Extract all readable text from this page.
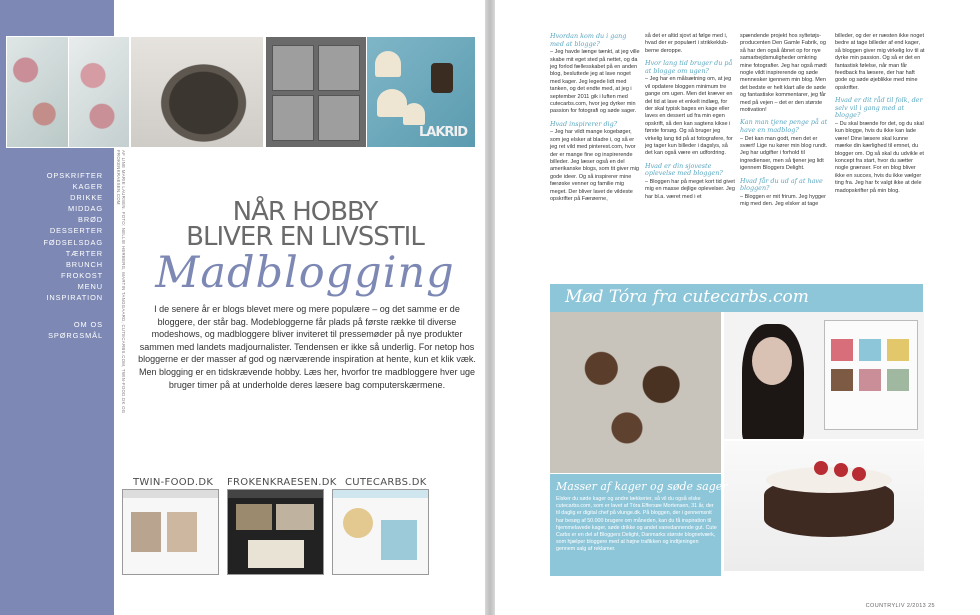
LAKRID
OPSKRIFTER
KAGER
DRIKKE
MIDDAG
BRØD
DESSERTER
FØDSELSDAG
TÆRTER
BRUNCH
FROKOST
MENU
INSPIRATION
OM OS
SPØRGSMÅL	AF LINE MARIE LAURSEN. FOTO: NELLIE HERBERG, MARTIN TANGGAARD, CUTECARBS.COM, TWIN-FOOD.DK OG FROKENKRAESEN.COM
NÅR HOBBY
BLIVER EN LIVSSTIL
Madblogging
I de senere år er blogs blevet mere og mere populære – og det samme er de bloggere, der står bag. Modebloggerne får plads på første række til diverse modeshows, og madbloggere bliver inviteret til pressemøder på nye produkter sammen med landets madjournalister. Tendensen er ikke så underlig. For netop hos bloggerne er der masser af god og nærværende inspiration at hente, kun et klik væk. Men blogging er en tidskrævende hobby. Læs her, hvorfor tre madbloggere hver uge bruger timer på at underholde deres læsere bag computerskærmene.
TWIN-FOOD.DK FROKENKRAESEN.DK CUTECARBS.DK

Hvordan kom du i gang med at blogge?
– Jeg havde længe tænkt, at jeg ville skabe mit eget sted på nettet, og da jeg forlod fællesskabet på en anden blog, besluttede jeg at lave noget med kager. Jeg legede lidt med tanken, og det endte med, at jeg i september 2011 gik i luften med cutecarbs.com, hvor jeg dyrker min passion for fotografi og søde sager.

Hvad inspirerer dig?
– Jeg har vildt mange kogebøger, som jeg elsker at bladre i, og så er jeg ret vild med pinterest.com, hvor der er mange fine og inspirerende billeder. Jeg læser også en del amerikanske blogs, som tit giver mig gode ideer. Og så inspirerer mine færøske venner og familie mig meget. Der bliver lavet de vildeste opskrifter på Færøerne,

så det er altid sjovt at følge med i, hvad der er populært i strikkeklub-berne deroppe.

Hvor lang tid bruger du på at blogge om ugen?
– Jeg har en målsætning om, at jeg vil opdatere bloggen minimum tre gange om ugen. Men det kræver en del tid at lave et enkelt indlæg, for der skal typisk bages en kage eller laves en dessert ud fra min egen opskrift, så den kan sagtens kikse i første forsøg. Og så bruger jeg virkelig lang tid på at fotografere, for jeg tager kun billeder i dagslys, så det kan også være en udfordring.

Hvad er din sjoveste oplevelse med bloggen?
– Bloggen har på meget kort tid givet mig en masse dejlige oplevelser. Jeg har bl.a. været med i et

spændende projekt hos syltetøjs-producenten Den Gamle Fabrik, og så har den også åbnet op for nye samarbejdsmuligheder omkring mine fotografier. Jeg har også mødt nogle vildt inspirerende og søde mennesker igennem min blog. Men det bedste er helt klart alle de søde og fantastiske kommentarer, jeg får med på vejen – det er den største motivation!

Kan man tjene penge på at have en madblog?
– Det kan man godt, men det er svært! Lige nu kører min blog rundt. Jeg har udgifter i forhold til ingredienser, men så tjener jeg lidt igennem Bloggers Delight.

Hvad får du ud af at have bloggen?
– Bloggen er mit frirum. Jeg hygger mig med den. Jeg elsker at tage

billeder, og der er næsten ikke noget bedre at tage billeder af end kager, så bloggen giver mig virkelig lov til at dyrke min passion. Og så er det en fantastisk følelse, når man får feedback fra læsere, der har haft gode og søde øjeblikke med mine opskrifter.

Hvad er dit råd til folk, der selv vil i gang med at blogge?
– Du skal brænde for det, og du skal kun blogge, hvis du ikke kan lade være! Dine læsere skal kunne mærke din kærlighed til emnet, du blogger om. Og så skal du udvikle et koncept fra start, hvor du sætter nogle grænser. For en blog bliver ikke en succes, hvis du ikke vælger ting fra. Jeg har fx valgt ikke at dele madopskrifter på min blog.

Mød Tóra fra cutecarbs.com
Masser af kager og søde sager
Elsker du søde kager og andre lækkerier, så vil du også elske cutecarbs.com, som er lavet af Tóra Effersøe Mortensen, 31 år, der til daglig er digital chef på vlunge.dk. På bloggen, der i gennemsnit har besøg af 50.000 brugere om måneden, kan du få inspiration til hjemmelavede kager, søde drikke og andet vanedannende gut. Cute Carbs er en del af Bloggers Delight, Danmarks største blognetværk, som hjælper bloggere med at højne trafikken og indtjeningen gennem salg af reklamer.
COUNTRYLIV 2/2013 25
